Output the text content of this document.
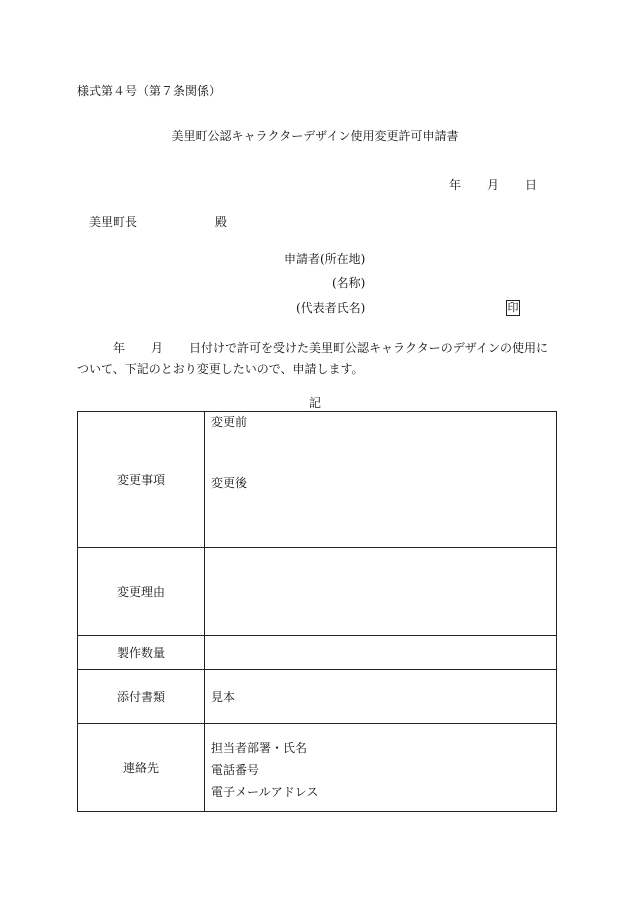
様式第４号（第７条関係）
美里町公認キャラクターデザイン使用変更許可申請書
年 月 日
美里町長	殿
申請者(所在地)
(名称)
(代表者氏名)	印
年 月 日付けで許可を受けた美里町公認キャラクターのデザインの使用について、下記のとおり変更したいので、申請します。
記
変更事項	変更前
変更後

変更理由	
製作数量	
添付書類	見本

連絡先	担当者部署・氏名
電話番号
電子メールアドレス
